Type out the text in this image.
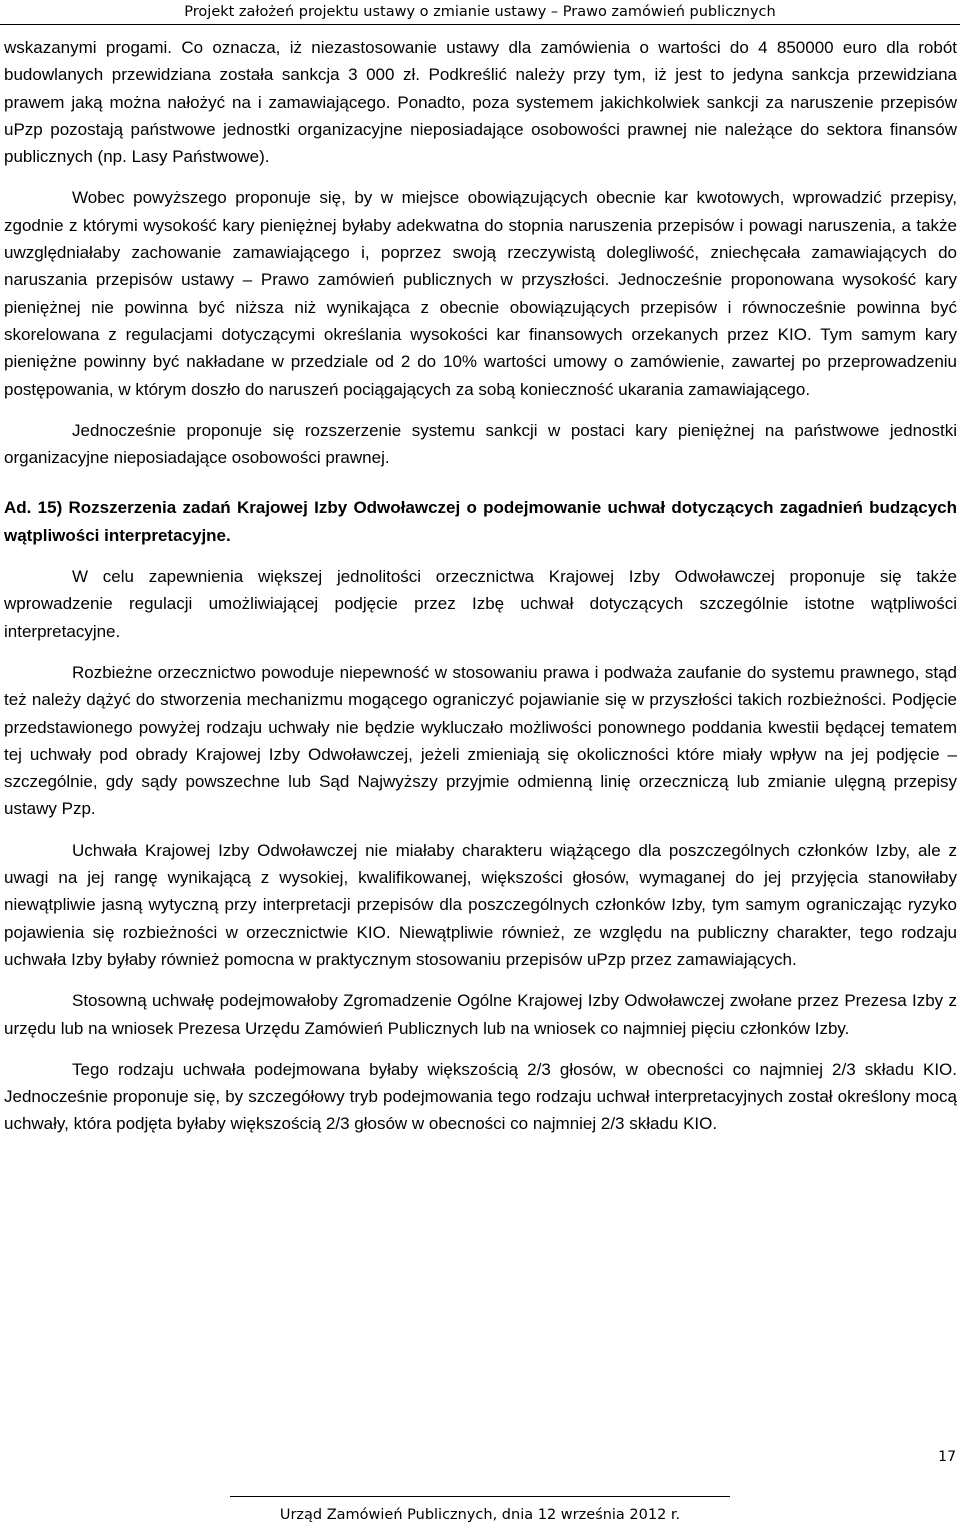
Projekt założeń projektu ustawy o zmianie ustawy – Prawo zamówień publicznych

wskazanymi progami. Co oznacza, iż niezastosowanie ustawy dla zamówienia o wartości do 4 850000 euro dla robót budowlanych przewidziana została sankcja 3 000 zł. Podkreślić należy przy tym, iż jest to jedyna sankcja przewidziana prawem jaką można nałożyć na i zamawiającego. Ponadto, poza systemem jakichkolwiek sankcji za naruszenie przepisów uPzp pozostają państwowe jednostki organizacyjne nieposiadające osobowości prawnej nie należące do sektora finansów publicznych (np. Lasy Państwowe).

Wobec powyższego proponuje się, by w miejsce obowiązujących obecnie kar kwotowych, wprowadzić przepisy, zgodnie z którymi wysokość kary pieniężnej byłaby adekwatna do stopnia naruszenia przepisów i powagi naruszenia, a także uwzględniałaby zachowanie zamawiającego i, poprzez swoją rzeczywistą dolegliwość, zniechęcała zamawiających do naruszania przepisów ustawy – Prawo zamówień publicznych w przyszłości. Jednocześnie proponowana wysokość kary pieniężnej nie powinna być niższa niż wynikająca z obecnie obowiązujących przepisów i równocześnie powinna być skorelowana z regulacjami dotyczącymi określania wysokości kar finansowych orzekanych przez KIO. Tym samym kary pieniężne powinny być nakładane w przedziale od 2 do 10% wartości umowy o zamówienie, zawartej po przeprowadzeniu postępowania, w którym doszło do naruszeń pociągających za sobą konieczność ukarania zamawiającego.

Jednocześnie proponuje się rozszerzenie systemu sankcji w postaci kary pieniężnej na państwowe jednostki organizacyjne nieposiadające osobowości prawnej.

Ad. 15) Rozszerzenia zadań Krajowej Izby Odwoławczej o podejmowanie uchwał dotyczących zagadnień budzących wątpliwości interpretacyjne.

W celu zapewnienia większej jednolitości orzecznictwa Krajowej Izby Odwoławczej proponuje się także wprowadzenie regulacji umożliwiającej podjęcie przez Izbę uchwał dotyczących szczególnie istotne wątpliwości interpretacyjne.

Rozbieżne orzecznictwo powoduje niepewność w stosowaniu prawa i podważa zaufanie do systemu prawnego, stąd też należy dążyć do stworzenia mechanizmu mogącego ograniczyć pojawianie się w przyszłości takich rozbieżności. Podjęcie przedstawionego powyżej rodzaju uchwały nie będzie wykluczało możliwości ponownego poddania kwestii będącej tematem tej uchwały pod obrady Krajowej Izby Odwoławczej, jeżeli zmieniają się okoliczności które miały wpływ na jej podjęcie – szczególnie, gdy sądy powszechne lub Sąd Najwyższy przyjmie odmienną linię orzeczniczą lub zmianie ulęgną przepisy ustawy Pzp.

Uchwała Krajowej Izby Odwoławczej nie miałaby charakteru wiążącego dla poszczególnych członków Izby, ale z uwagi na jej rangę wynikającą z wysokiej, kwalifikowanej, większości głosów, wymaganej do jej przyjęcia stanowiłaby niewątpliwie jasną wytyczną przy interpretacji przepisów dla poszczególnych członków Izby, tym samym ograniczając ryzyko pojawienia się rozbieżności w orzecznictwie KIO. Niewątpliwie również, ze względu na publiczny charakter, tego rodzaju uchwała Izby byłaby również pomocna w praktycznym stosowaniu przepisów uPzp przez zamawiających.

Stosowną uchwałę podejmowałoby Zgromadzenie Ogólne Krajowej Izby Odwoławczej zwołane przez Prezesa Izby z urzędu lub na wniosek Prezesa Urzędu Zamówień Publicznych lub na wniosek co najmniej pięciu członków Izby.

Tego rodzaju uchwała podejmowana byłaby większością 2/3 głosów, w obecności co najmniej 2/3 składu KIO. Jednocześnie proponuje się, by szczegółowy tryb podejmowania tego rodzaju uchwał interpretacyjnych został określony mocą uchwały, która podjęta byłaby większością 2/3 głosów w obecności co najmniej 2/3 składu KIO.

17
Urząd Zamówień Publicznych, dnia 12 września 2012 r.
